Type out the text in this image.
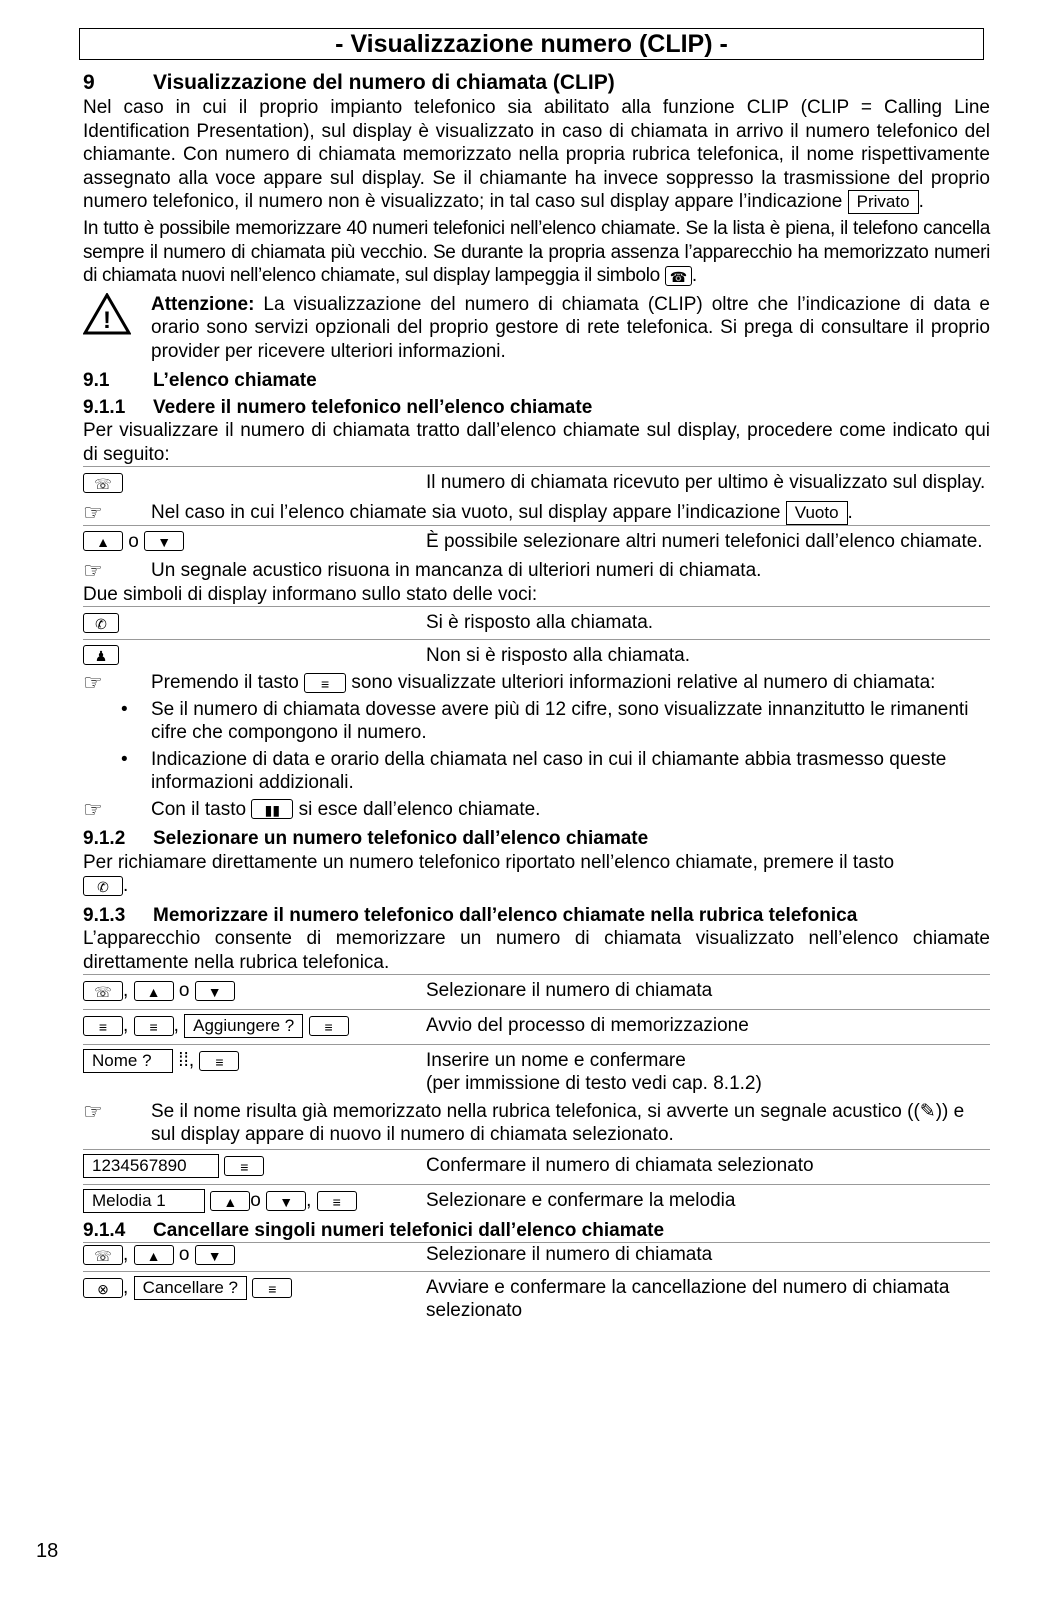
- Visualizzazione numero (CLIP) -
9	Visualizzazione del numero di chiamata (CLIP)

Nel caso in cui il proprio impianto telefonico sia abilitato alla funzione CLIP (CLIP = Calling Line Identification Presentation), sul display è visualizzato in caso di chiamata in arrivo il numero telefonico del chiamante. Con numero di chiamata memorizzato nella propria rubrica telefonica, il nome rispettivamente assegnato alla voce appare sul display. Se il chiamante ha invece soppresso la trasmissione del proprio numero telefonico, il numero non è visualizzato; in tal caso sul display appare l’indicazione Privato .

In tutto è possibile memorizzare 40 numeri telefonici nell’elenco chiamate. Se la lista è piena, il telefono cancella sempre il numero di chiamata più vecchio. Se durante la propria assenza l’apparecchio ha memorizzato numeri di chiamata nuovi nell’elenco chiamate, sul display lampeggia il simbolo ☎ .

!

Attenzione: La visualizzazione del numero di chiamata (CLIP) oltre che l’indicazione di data e orario sono servizi opzionali del proprio gestore di rete telefonica. Si prega di consultare il proprio provider per ricevere ulteriori informazioni.

9.1 L’elenco chiamate
9.1.1 Vedere il numero telefonico nell’elenco chiamate

Per visualizzare il numero di chiamata tratto dall’elenco chiamate sul display, procedere come indicato qui di seguito:

☏	Il numero di chiamata ricevuto per ultimo è visualizzato sul display.
☞	Nel caso in cui l’elenco chiamate sia vuoto, sul display appare l’indicazione Vuoto .
▲ o ▼	È possibile selezionare altri numeri telefonici dall’elenco chiamate.
☞	Un segnale acustico risuona in mancanza di ulteriori numeri di chiamata.

Due simboli di display informano sullo stato delle voci:

✆	Si è risposto alla chiamata.
♟	Non si è risposto alla chiamata.
☞	Premendo il tasto ≡ sono visualizzate ulteriori informazioni relative al numero di chiamata:
•	Se il numero di chiamata dovesse avere più di 12 cifre, sono visualizzate innanzitutto le rimanenti cifre che compongono il numero.
•	Indicazione di data e orario della chiamata nel caso in cui il chiamante abbia trasmesso queste informazioni addizionali.
☞	Con il tasto ▮▮ si esce dall’elenco chiamate.
9.1.2 Selezionare un numero telefonico dall’elenco chiamate

Per richiamare direttamente un numero telefonico riportato nell’elenco chiamate, premere il tasto
✆ .

9.1.3 Memorizzare il numero telefonico dall’elenco chiamate nella rubrica telefonica

L’apparecchio consente di memorizzare un numero di chiamata visualizzato nell’elenco chiamate direttamente nella rubrica telefonica.

☏ , ▲ o ▼	Selezionare il numero di chiamata
≡ , ≡ , Aggiungere ? ≡	Avvio del processo di memorizzazione
Nome ? ⁞⁞, ≡	Inserire un nome e confermare
(per immissione di testo vedi cap. 8.1.2)
☞	Se il nome risulta già memorizzato nella rubrica telefonica, si avverte un segnale acustico ((✎)) e sul display appare di nuovo il numero di chiamata selezionato.
1234567890	≡	Confermare il numero di chiamata selezionato
Melodia 1	▲ o ▼ , ≡	Selezionare e confermare la melodia
9.1.4 Cancellare singoli numeri telefonici dall’elenco chiamate
☏ , ▲ o ▼	Selezionare il numero di chiamata
⊗ , Cancellare ? ≡	Avviare e confermare la cancellazione del numero di chiamata selezionato
18
